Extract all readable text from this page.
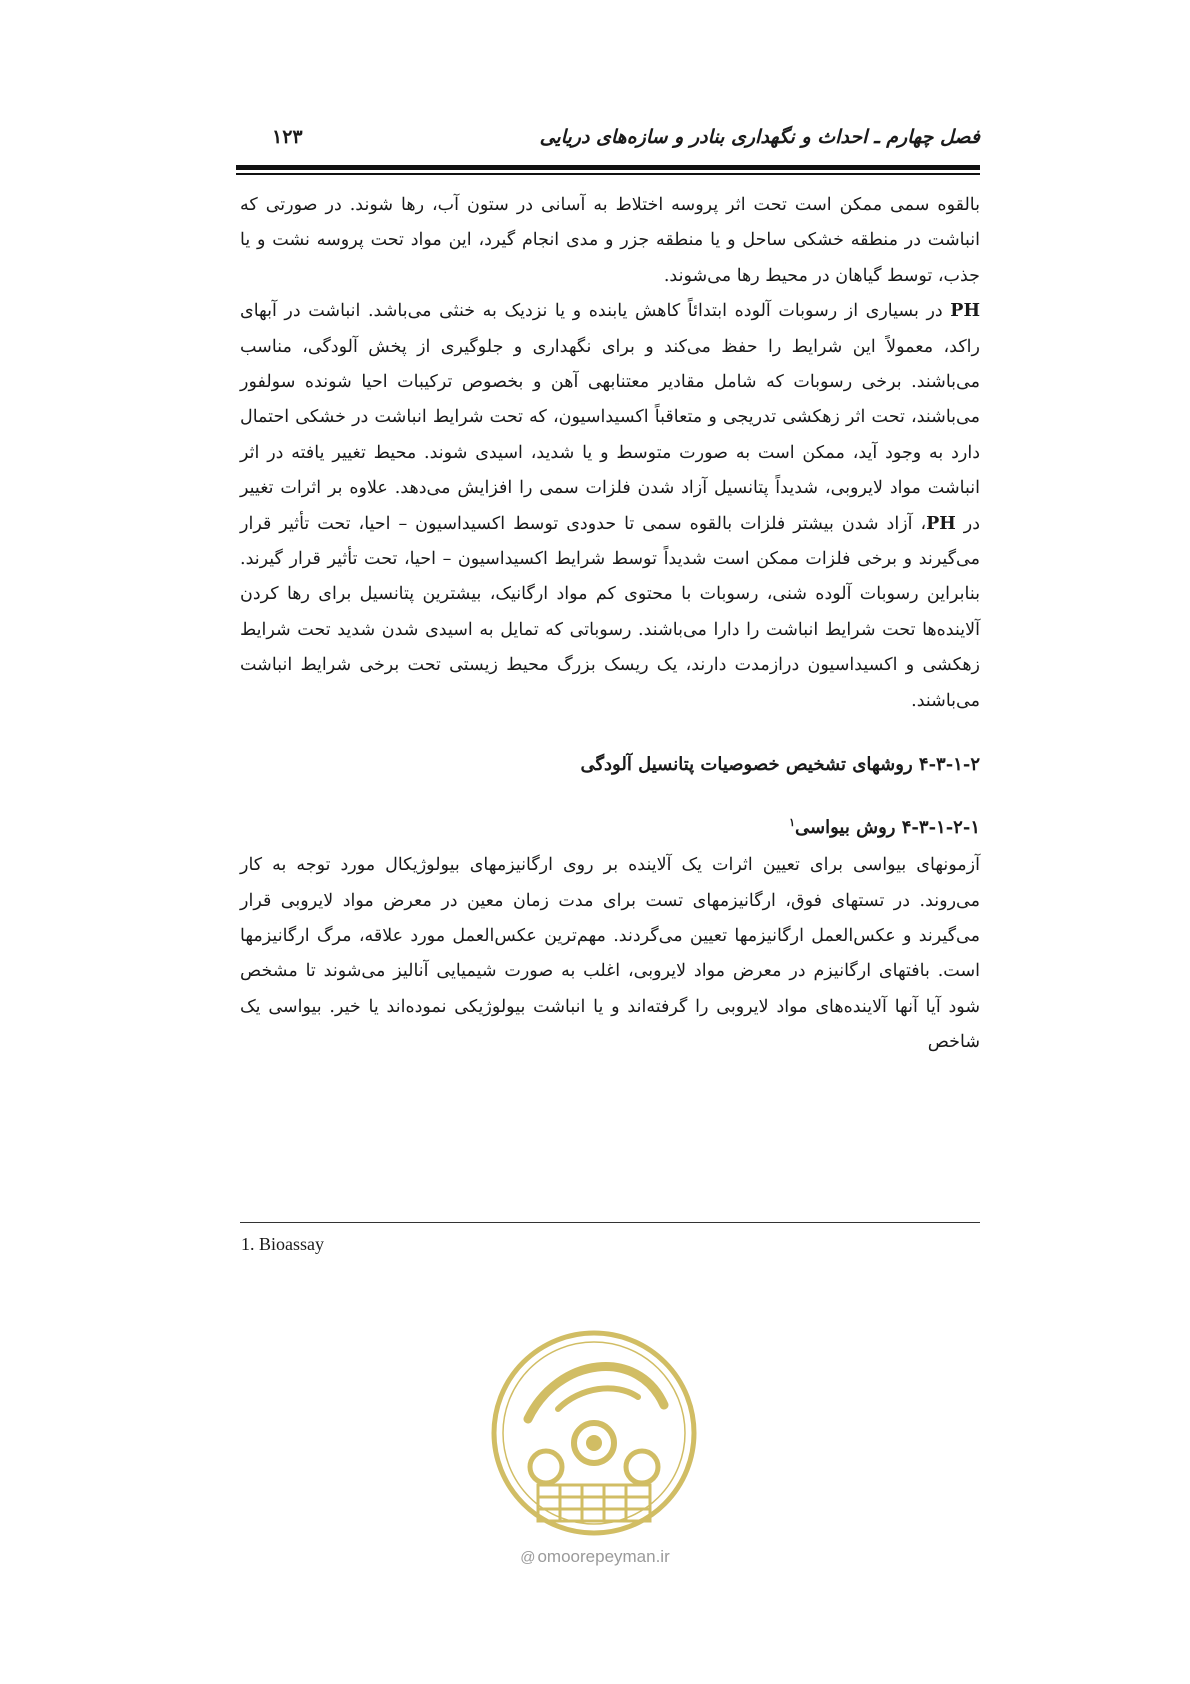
فصل چهارم ـ احداث و نگهداری بنادر و سازه‌های دریایی
۱۲۳

بالقوه سمی ممکن است تحت اثر پروسه اختلاط به آسانی در ستون آب، رها شوند. در صورتی که انباشت در منطقه خشکی ساحل و یا منطقه جزر و مدی انجام گیرد، این مواد تحت پروسه نشت و یا جذب، توسط گیاهان در محیط رها می‌شوند.

PH در بسیاری از رسوبات آلوده ابتدائاً کاهش یابنده و یا نزدیک به خنثی می‌باشد. انباشت در آبهای راکد، معمولاً این شرایط را حفظ می‌کند و برای نگهداری و جلوگیری از پخش آلودگی، مناسب می‌باشند. برخی رسوبات که شامل مقادیر معتنابهی آهن و بخصوص ترکیبات احیا شونده سولفور می‌باشند، تحت اثر زهکشی تدریجی و متعاقباً اکسیداسیون، که تحت شرایط انباشت در خشکی احتمال دارد به وجود آید، ممکن است به صورت متوسط و یا شدید، اسیدی شوند. محیط تغییر یافته در اثر انباشت مواد لایروبی، شدیداً پتانسیل آزاد شدن فلزات سمی را افزایش می‌دهد. علاوه بر اثرات تغییر در PH، آزاد شدن بیشتر فلزات بالقوه سمی تا حدودی توسط اکسیداسیون – احیا، تحت تأثیر قرار می‌گیرند و برخی فلزات ممکن است شدیداً توسط شرایط اکسیداسیون – احیا، تحت تأثیر قرار گیرند. بنابراین رسوبات آلوده شنی، رسوبات با محتوی کم مواد ارگانیک، بیشترین پتانسیل برای رها کردن آلاینده‌ها تحت شرایط انباشت را دارا می‌باشند. رسوباتی که تمایل به اسیدی شدن شدید تحت شرایط زهکشی و اکسیداسیون درازمدت دارند، یک ریسک بزرگ محیط زیستی تحت برخی شرایط انباشت می‌باشند.

۴-۳-۱-۲ روشهای تشخیص خصوصیات پتانسیل آلودگی
۴-۳-۱-۲-۱ روش بیواسی$^۱$

آزمونهای بیواسی برای تعیین اثرات یک آلاینده بر روی ارگانیزمهای بیولوژیکال مورد توجه به کار می‌روند. در تستهای فوق، ارگانیزمهای تست برای مدت زمان معین در معرض مواد لایروبی قرار می‌گیرند و عکس‌العمل ارگانیزمها تعیین می‌گردند. مهم‌ترین عکس‌العمل مورد علاقه، مرگ ارگانیزمها است. بافتهای ارگانیزم در معرض مواد لایروبی، اغلب به صورت شیمیایی آنالیز می‌شوند تا مشخص شود آیا آنها آلاینده‌های مواد لایروبی را گرفته‌اند و یا انباشت بیولوژیکی نموده‌اند یا خیر. بیواسی یک شاخص

1. Bioassay
@ omoorepeyman.ir
